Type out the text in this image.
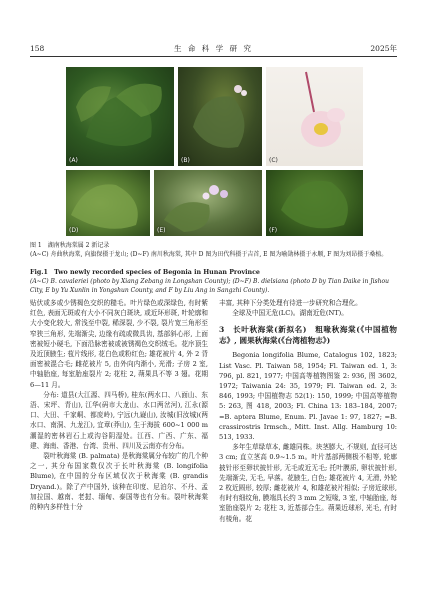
158	生 命 科 学 研 究	2025年
(A)	(B)	(C)
(D)	(E)	(F)
图 1　湖南秋海棠属 2 新记录
(A~C) 舟曲秋海棠, 向旗保摄于龙山; (D~F) 南川秋海棠, 其中 D 图为田代科摄于吉首, E 图为喻勋林摄于永顺, F 图为刘昂摄于桑植。
Fig.1　Two newly recorded species of Begonia in Hunan Province
(A~C) B. cavaleriei (photo by Xiang Zebang in Longshan County); (D~F) B. dielsiana (photo D by Tian Daike in Jishou City, E by Yu Xunlin in Yongshun County, and F by Liu Ang in Sangzhi County).

贴伏或多或少锈褐色交织的糙毛。叶片绿色或深绿色, 有时紫红色, 表面无斑或有大小不同灰白斑块, 或近环形斑, 叶轮廓和大小变化较大, 常浅至中裂, 稀深裂, 少不裂, 裂片宽三角形至窄狭三角形, 先端渐尖, 边缘有疏或微具齿, 基部斜心形, 上面密被短小硬毛, 下面沿脉密被或被锈褐色交织绒毛。花序顶生及近顶腋生; 苞片线形, 花白色或粉红色; 雄花被片 4, 外 2 背面密被混合毛; 雌花被片 5, 由外向内渐小, 光滑; 子房 2 室, 中轴胎座, 每室胎座裂片 2; 花柱 2, 蒴果具不等 3 翅。花期 6—11 月。

分布: 道县(大江源、四马桥), 桂东(两水口、八面山、东浯、宋坪、青山), 江华(码市大龙山、水口两岔河), 江永(源口、大田、千家峒、都庞岭), 宁远(九嶷山), 汝城(旧汝城)(两水口、南洞、九龙江), 宜章(莽山), 生于海拔 600~1 000 m 潮湿的密林岩石上或沟谷阴湿处。江西、广西、广东、福建、海南、香港、台湾、贵州、四川及云南亦有分布。

裂叶秋海棠 (B. palmata) 是秋海棠属分布较广的几个种之一, 其分布国家数仅次于长叶秋海棠 (B. longifolia Blume), 在中国的分布区域仅次于秋海棠 (B. grandis Dryand.)。除了产中国外, 该种在印度、尼泊尔、不丹、孟加拉国、越南、老挝、缅甸、泰国等也有分布。裂叶秋海棠的种内多样性十分

丰富, 其种下分类处理有待进一步研究和合理化。

全球及中国无危(LC)。湖南近危(NT)。

3　长叶秋海棠(新拟名)　粗喙秋海棠(《中国植物志》, 圆果秋海棠(《台湾植物志》)

Begonia longifolia Blume, Catalogus 102, 1823; List Vasc. Pl. Taiwan 58, 1954; Fl. Taiwan ed. 1, 3: 796, pl. 821, 1977; 中国高等植物图鉴 2: 936, 图 3602, 1972; Taiwania 24: 35, 1979; Fl. Taiwan ed. 2, 3: 846, 1993; 中国植物志 52(1): 150, 1999; 中国高等植物 5: 263, 图 418, 2003; Fl. China 13: 183–184, 2007; =B. aptera Blume, Enum. Pl. Javae 1: 97, 1827; =B. crassirostris Irmsch., Mitt. Inst. Allg. Hamburg 10: 513, 1933.

多年生草绿草本, 雌雄同株。块茎膨大, 不规则, 直径可达 3 cm; 直立茎高 0.9~1.5 m。叶片基部两侧极不相等, 轮廓披针形至卵状披针形, 无毛或近无毛; 托叶膜质, 卵状披针形, 先端渐尖, 无毛, 早落。花腋生, 白色; 雄花被片 4, 无滑, 外轮 2 枚近圆形, 较厚; 雌花被片 4, 和雄花被片相似; 子房近球形, 有时有细纹角, 膜端具长约 3 mm 之短喙, 3 室, 中轴胎座, 每室胎座裂片 2; 花柱 3, 近基部合生。蒴果近球形, 光毛, 有时有棱角。花
